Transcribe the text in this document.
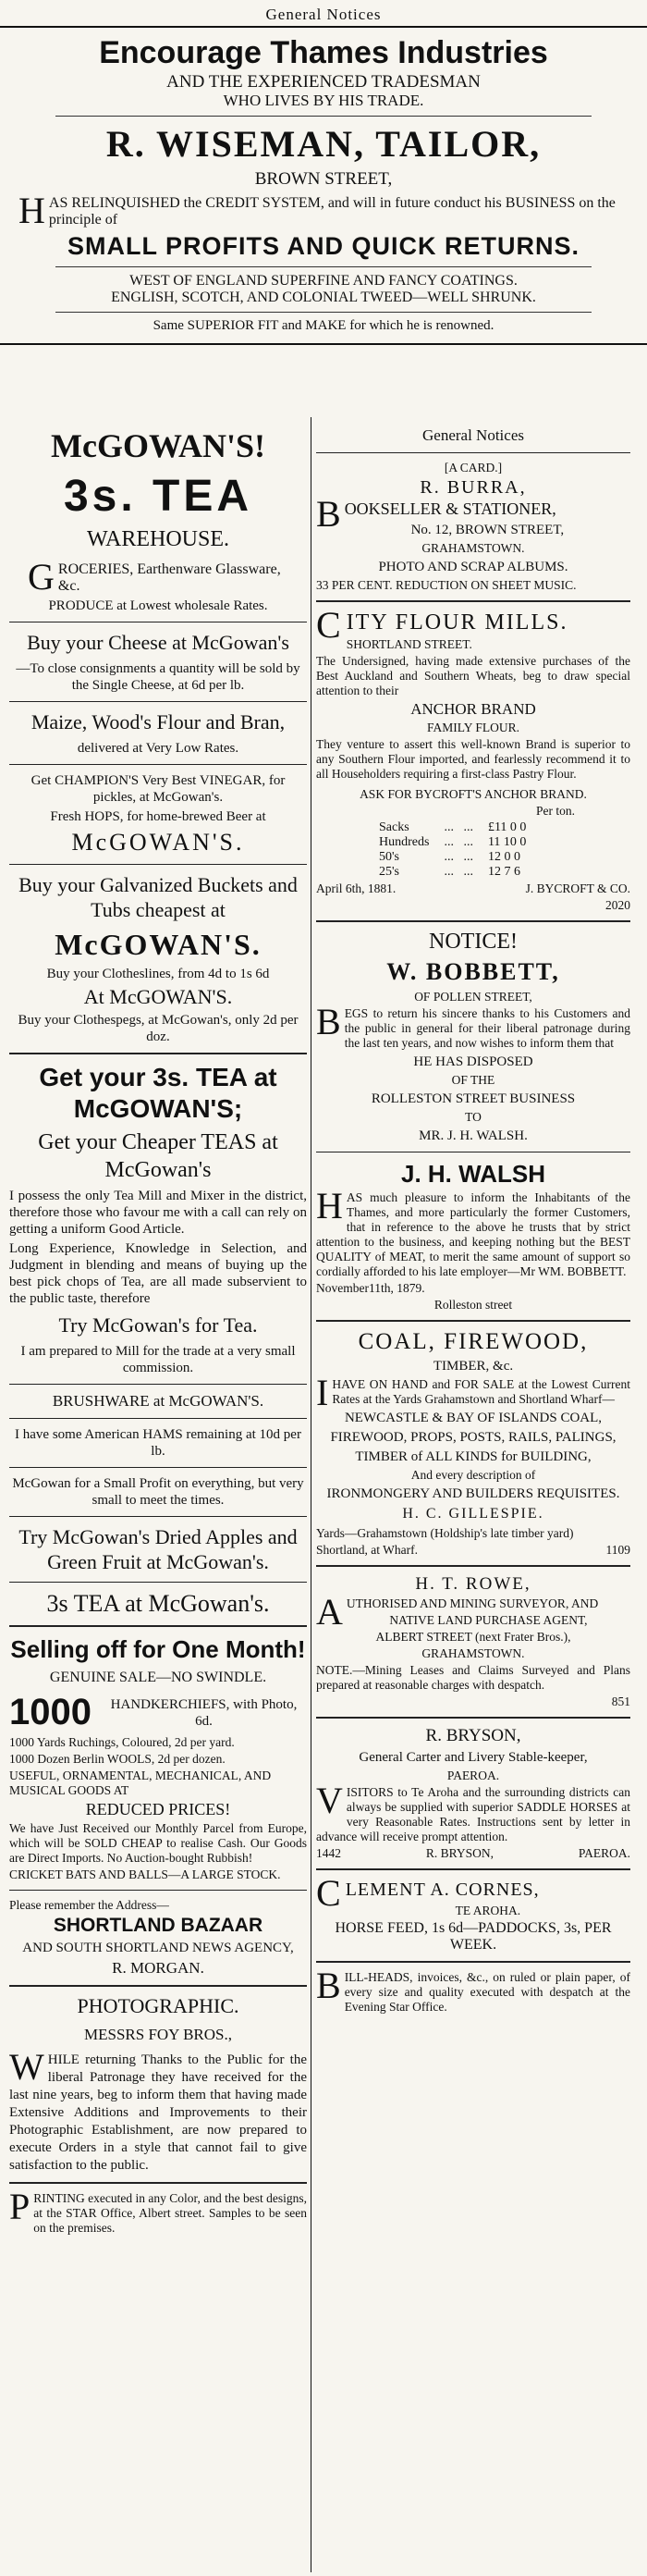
General Notices
Encourage Thames Industries
AND THE EXPERIENCED TRADESMAN
WHO LIVES BY HIS TRADE.
R. WISEMAN, TAILOR,
BROWN STREET,
HAS RELINQUISHED the CREDIT SYSTEM, and will in future conduct his BUSINESS on the principle of
SMALL PROFITS AND QUICK RETURNS.
WEST OF ENGLAND SUPERFINE AND FANCY COATINGS.
ENGLISH, SCOTCH, AND COLONIAL TWEED—WELL SHRUNK.
Same SUPERIOR FIT and MAKE for which he is renowned.
McGOWAN'S!
3s. TEA
WAREHOUSE.
GROCERIES, Earthenware Glassware, &c.
PRODUCE at Lowest wholesale Rates.
Buy your Cheese at McGowan's
—To close consignments a quantity will be sold by the Single Cheese, at 6d per lb.
Maize, Wood's Flour and Bran,
delivered at Very Low Rates.
Get CHAMPION'S Very Best VINEGAR, for pickles, at McGowan's.
Fresh HOPS, for home-brewed Beer at
McGOWAN'S.
Buy your Galvanized Buckets and Tubs cheapest at
McGOWAN'S.
Buy your Clotheslines, from 4d to 1s 6d
At McGOWAN'S.
Buy your Clothespegs, at McGowan's, only 2d per doz.
Get your 3s. TEA at McGOWAN'S;
Get your Cheaper TEAS at McGowan's
I possess the only Tea Mill and Mixer in the district, therefore those who favour me with a call can rely on getting a uniform Good Article.
Long Experience, Knowledge in Selection, and Judgment in blending and means of buying up the best pick chops of Tea, are all made subservient to the public taste, therefore
Try McGowan's for Tea.
I am prepared to Mill for the trade at a very small commission.
BRUSHWARE at McGOWAN'S.
I have some American HAMS remaining at 10d per lb.
McGowan for a Small Profit on everything, but very small to meet the times.
Try McGowan's Dried Apples and Green Fruit at McGowan's.
3s TEA at McGowan's.
Selling off for One Month!
GENUINE SALE—NO SWINDLE.
1000	HANDKERCHIEFS, with Photo, 6d.
1000 Yards Ruchings, Coloured, 2d per yard.
1000 Dozen Berlin WOOLS, 2d per dozen.
USEFUL, ORNAMENTAL, MECHANICAL, AND MUSICAL GOODS AT
REDUCED PRICES!
We have Just Received our Monthly Parcel from Europe, which will be SOLD CHEAP to realise Cash. Our Goods are Direct Imports. No Auction-bought Rubbish!
CRICKET BATS AND BALLS—A LARGE STOCK.
Please remember the Address—
SHORTLAND BAZAAR
AND SOUTH SHORTLAND NEWS AGENCY,
R. MORGAN.
PHOTOGRAPHIC.
MESSRS FOY BROS.,
WHILE returning Thanks to the Public for the liberal Patronage they have received for the last nine years, beg to inform them that having made Extensive Additions and Improvements to their Photographic Establishment, are now prepared to execute Orders in a style that cannot fail to give satisfaction to the public.
PRINTING executed in any Color, and the best designs, at the STAR Office, Albert street. Samples to be seen on the premises.
General Notices
[A CARD.]
R. BURRA,
BOOKSELLER & STATIONER,
No. 12, BROWN STREET,
GRAHAMSTOWN.
PHOTO AND SCRAP ALBUMS.
33 PER CENT. REDUCTION ON SHEET MUSIC.
CITY FLOUR MILLS.
SHORTLAND STREET.
The Undersigned, having made extensive purchases of the Best Auckland and Southern Wheats, beg to draw special attention to their
ANCHOR BRAND
FAMILY FLOUR.
They venture to assert this well-known Brand is superior to any Southern Flour imported, and fearlessly recommend it to all Householders requiring a first-class Pastry Flour.
ASK FOR BYCROFT'S ANCHOR BRAND.
Per ton.
Sacks	...   ...	£11 0 0
Hundreds	...   ...	11 10 0
50's	...   ...	12 0 0
25's	...   ...	12 7 6
April 6th, 1881.	J. BYCROFT & CO.
2020
NOTICE!
W. BOBBETT,
OF POLLEN STREET,
BEGS to return his sincere thanks to his Customers and the public in general for their liberal patronage during the last ten years, and now wishes to inform them that
HE HAS DISPOSED
OF THE
ROLLESTON STREET BUSINESS
TO
MR. J. H. WALSH.
J. H. WALSH
HAS much pleasure to inform the Inhabitants of the Thames, and more particularly the former Customers, that in reference to the above he trusts that by strict attention to the business, and keeping nothing but the BEST QUALITY of MEAT, to merit the same amount of support so cordially afforded to his late employer—Mr WM. BOBBETT.
November11th, 1879.
Rolleston street
COAL, FIREWOOD,
TIMBER, &c.
IHAVE ON HAND and FOR SALE at the Lowest Current Rates at the Yards Grahamstown and Shortland Wharf—
NEWCASTLE & BAY OF ISLANDS COAL,
FIREWOOD, PROPS, POSTS, RAILS, PALINGS,
TIMBER of ALL KINDS for BUILDING,
And every description of
IRONMONGERY AND BUILDERS REQUISITES.
H. C. GILLESPIE.
Yards—Grahamstown (Holdship's late timber yard)
Shortland, at Wharf.	1109
H. T. ROWE,
AUTHORISED AND MINING SURVEYOR, AND
NATIVE LAND PURCHASE AGENT,
ALBERT STREET (next Frater Bros.),
GRAHAMSTOWN.
NOTE.—Mining Leases and Claims Surveyed and Plans prepared at reasonable charges with despatch.
851
R. BRYSON,
General Carter and Livery Stable-keeper,
PAEROA.
VISITORS to Te Aroha and the surrounding districts can always be supplied with superior SADDLE HORSES at very Reasonable Rates. Instructions sent by letter in advance will receive prompt attention.
1442	R. BRYSON,	PAEROA.
CLEMENT A. CORNES,
TE AROHA.
HORSE FEED, 1s 6d—PADDOCKS, 3s, PER WEEK.
BILL-HEADS, invoices, &c., on ruled or plain paper, of every size and quality executed with despatch at the Evening Star Office.
